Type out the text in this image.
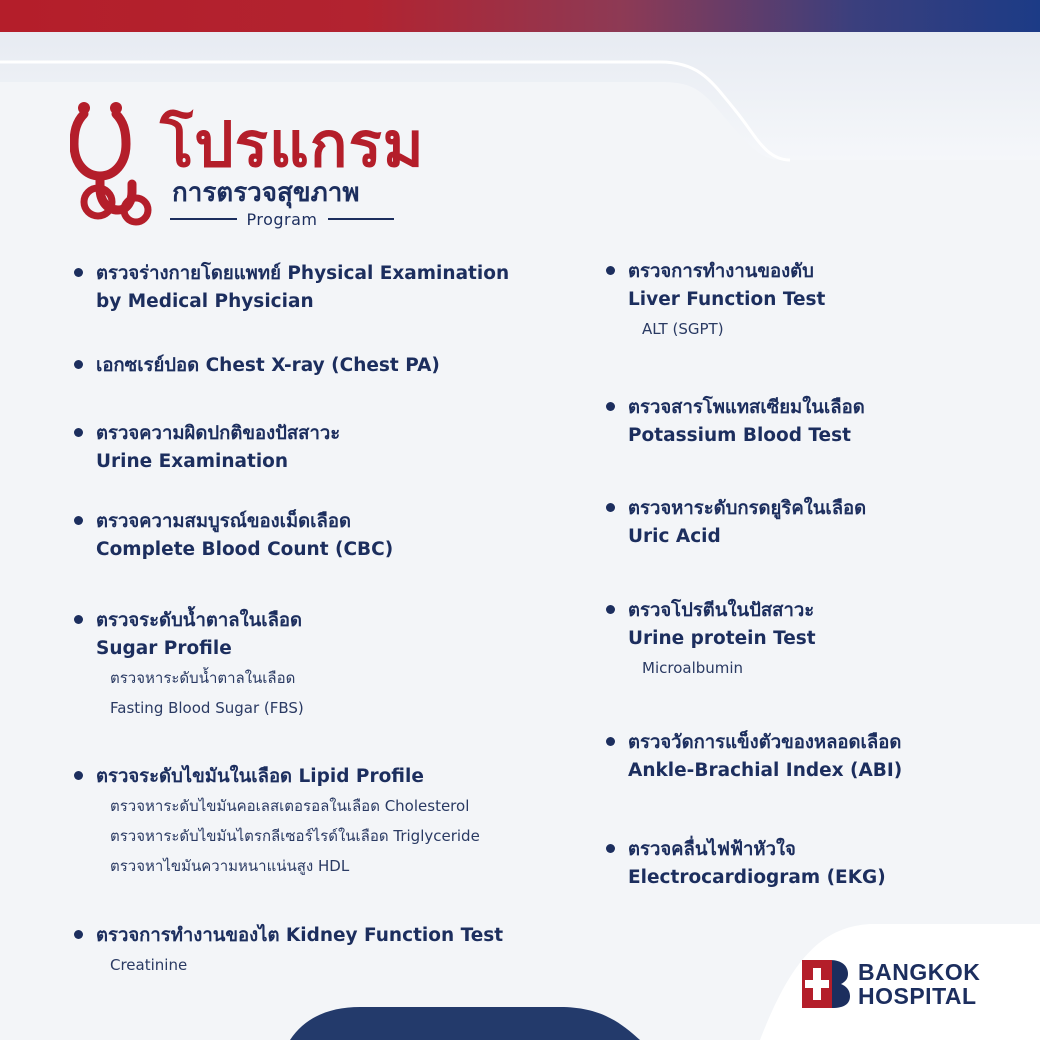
โปรแกรม
การตรวจสุขภาพ
Program
ตรวจร่างกายโดยแพทย์ Physical Examination
by Medical Physician
เอกซเรย์ปอด Chest X-ray (Chest PA)
ตรวจความผิดปกติของปัสสาวะ
Urine Examination
ตรวจความสมบูรณ์ของเม็ดเลือด
Complete Blood Count (CBC)
ตรวจระดับน้ำตาลในเลือด
Sugar Profile
ตรวจหาระดับน้ำตาลในเลือด
Fasting Blood Sugar (FBS)
ตรวจระดับไขมันในเลือด Lipid Profile
ตรวจหาระดับไขมันคอเลสเตอรอลในเลือด Cholesterol
ตรวจหาระดับไขมันไตรกลีเซอร์ไรด์ในเลือด Triglyceride
ตรวจหาไขมันความหนาแน่นสูง HDL
ตรวจการทำงานของไต Kidney Function Test
Creatinine
ตรวจการทำงานของตับ
Liver Function Test
ALT (SGPT)
ตรวจสารโพแทสเซียมในเลือด
Potassium Blood Test
ตรวจหาระดับกรดยูริคในเลือด
Uric Acid
ตรวจโปรตีนในปัสสาวะ
Urine protein Test
Microalbumin
ตรวจวัดการแข็งตัวของหลอดเลือด
Ankle-Brachial Index (ABI)
ตรวจคลื่นไฟฟ้าหัวใจ
Electrocardiogram (EKG)
BANGKOK
HOSPITAL
